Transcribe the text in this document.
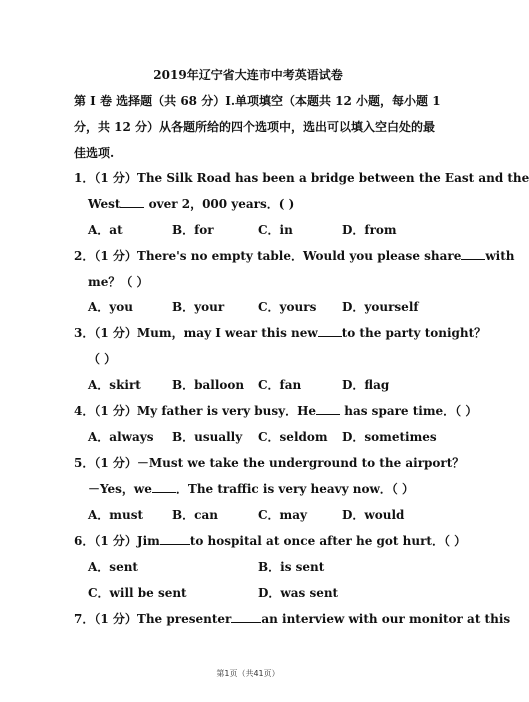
2019年辽宁省大连市中考英语试卷
第 I 卷 选择题（共 68 分）I.单项填空（本题共 12 小题，每小题 1
分，共 12 分）从各题所给的四个选项中，选出可以填入空白处的最
佳选项.
1．（1 分）The Silk Road has been a bridge between the East and the
West over 2，000 years．( )
A．at	B．for	C．in	D．from
2．（1 分）There's no empty table．Would you please share	with
me？（ ）
A．you	B．your	C．yours D．yourself
3．（1 分）Mum，may I wear this new	to the party tonight？
（ ）
A．skirt	B．balloon C．fan	D．flag
4．（1 分）My father is very busy．He has spare time．（ ）
A．always B．usually C．seldom D．sometimes
5．（1 分）－Must we take the underground to the airport？
－Yes，we ．The traffic is very heavy now．（ ）
A．must B．can	C．may	D．would
6．（1 分）Jim	to hospital at once after he got hurt．（ ）
A．sent	B．is sent
C．will be sent	D．was sent
7．（1 分）The presenter	an interview with our monitor at this
第1页（共41页）
